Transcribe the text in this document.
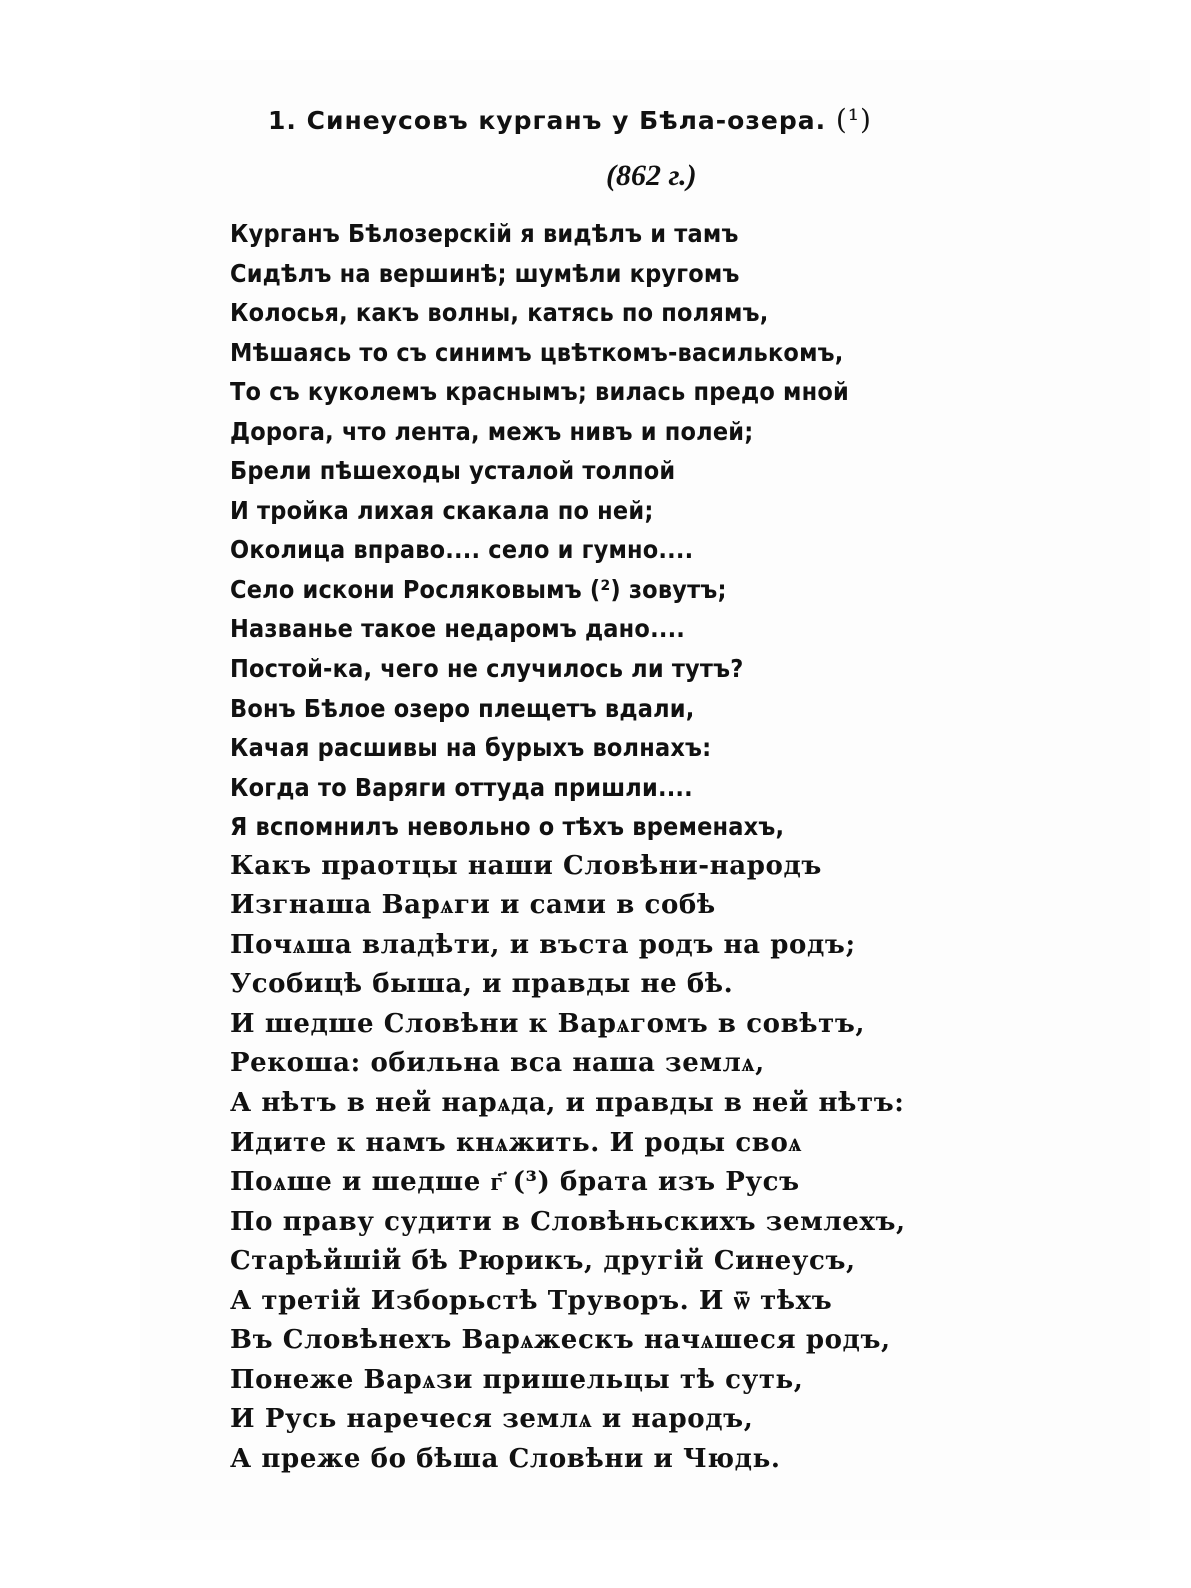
1. Синеусовъ курганъ у Бѣла-озера. (¹)
(862 г.)
Курганъ Бѣлозерскій я видѣлъ и тамъ
Сидѣлъ на вершинѣ; шумѣли кругомъ
Колосья, какъ волны, катясь по полямъ,
Мѣшаясь то съ синимъ цвѣткомъ-василькомъ,
То съ куколемъ краснымъ; вилась предо мной
Дорога, что лента, межъ нивъ и полей;
Брели пѣшеходы усталой толпой
И тройка лихая скакала по ней;
Околица вправо.... село и гумно....
Село искони Росляковымъ (²) зовутъ;
Названье такое недаромъ дано....
Постой-ка, чего не случилось ли тутъ?
Вонъ Бѣлое озеро плещетъ вдали,
Качая расшивы на бурыхъ волнахъ:
Когда то Варяги оттуда пришли....
Я вспомнилъ невольно о тѣхъ временахъ,
Какъ праотцы наши Словѣни-народъ
Изгнаша Варѧги и сами в собѣ
Почѧша владѣти, и въста родъ на родъ;
Усобицѣ быша, и правды не бѣ.
И шедше Словѣни к Варѧгомъ в совѣтъ,
Рекоша: обильна вса наша землѧ,
А нѣтъ в ней нарѧда, и правды в ней нѣтъ:
Идите к намъ кнѧжить. И роды своѧ
Поѧше и шедше г҃ (³) брата изъ Русъ
По праву судити в Словѣньскихъ землехъ,
Старѣйшій бѣ Рюрикъ, другій Синеусъ,
А третій Изборьстѣ Труворъ. И ѿ тѣхъ
Въ Словѣнехъ Варѧжескъ начѧшеся родъ,
Понеже Варѧзи пришельцы тѣ суть,
И Русь наречеся землѧ и народъ,
А преже бо бѣша Словѣни и Чюдь.
